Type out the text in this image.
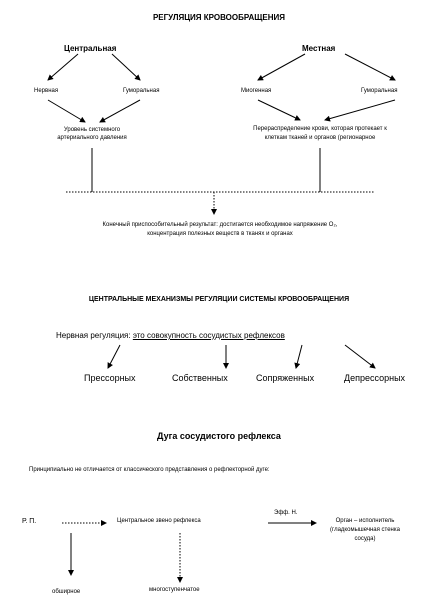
РЕГУЛЯЦИЯ КРОВООБРАЩЕНИЯ
Центральная	Местная
Нервная	Гуморальная	Миогенная	Гуморальная
Уровень системного
артериального давления
Перераспределение крови, которая протекает к
клеткам тканей и органов (регионарное
Конечный приспособительный результат: достигается необходимое напряжение O₂,
концентрация полезных веществ в тканях и органах
ЦЕНТРАЛЬНЫЕ МЕХАНИЗМЫ РЕГУЛЯЦИИ СИСТЕМЫ КРОВООБРАЩЕНИЯ
Нервная регуляция: это совокупность сосудистых рефлексов
Прессорных	Собственных	Сопряженных	Депрессорных
Дуга сосудистого рефлекса
Принципиально не отличается от классического представления о рефлекторной дуге:
Р. П.	Центральное звено рефлекса
Эфф. Н.
Орган – исполнитель
(гладкомышечная стенка
сосуда)
обширное	многоступенчатое
